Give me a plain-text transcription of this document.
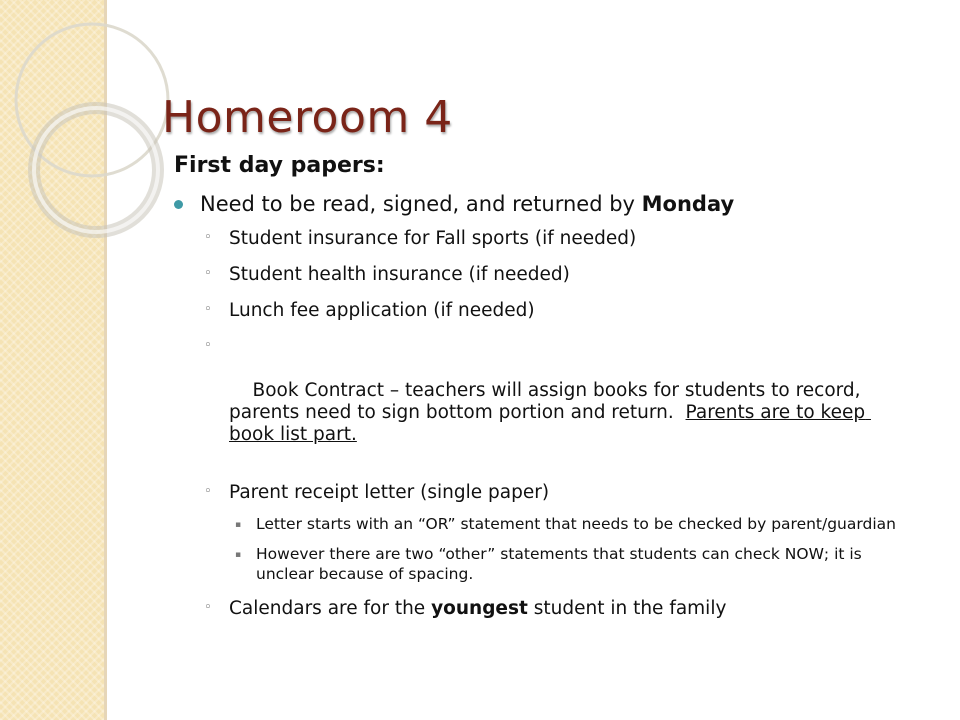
Homeroom 4
First day papers:
Need to be read, signed, and returned by Monday
◦ Student insurance for Fall sports (if needed)
◦ Student health insurance (if needed)
◦ Lunch fee application (if needed)

◦

Book Contract – teachers will assign books for students to record, parents need to sign bottom portion and return.  Parents are to keep book list part.

◦ Parent receipt letter (single paper)
▪ Letter starts with an “OR” statement that needs to be checked by parent/guardian
▪ However there are two “other” statements that students can check NOW; it is unclear because of spacing.
◦ Calendars are for the youngest student in the family
